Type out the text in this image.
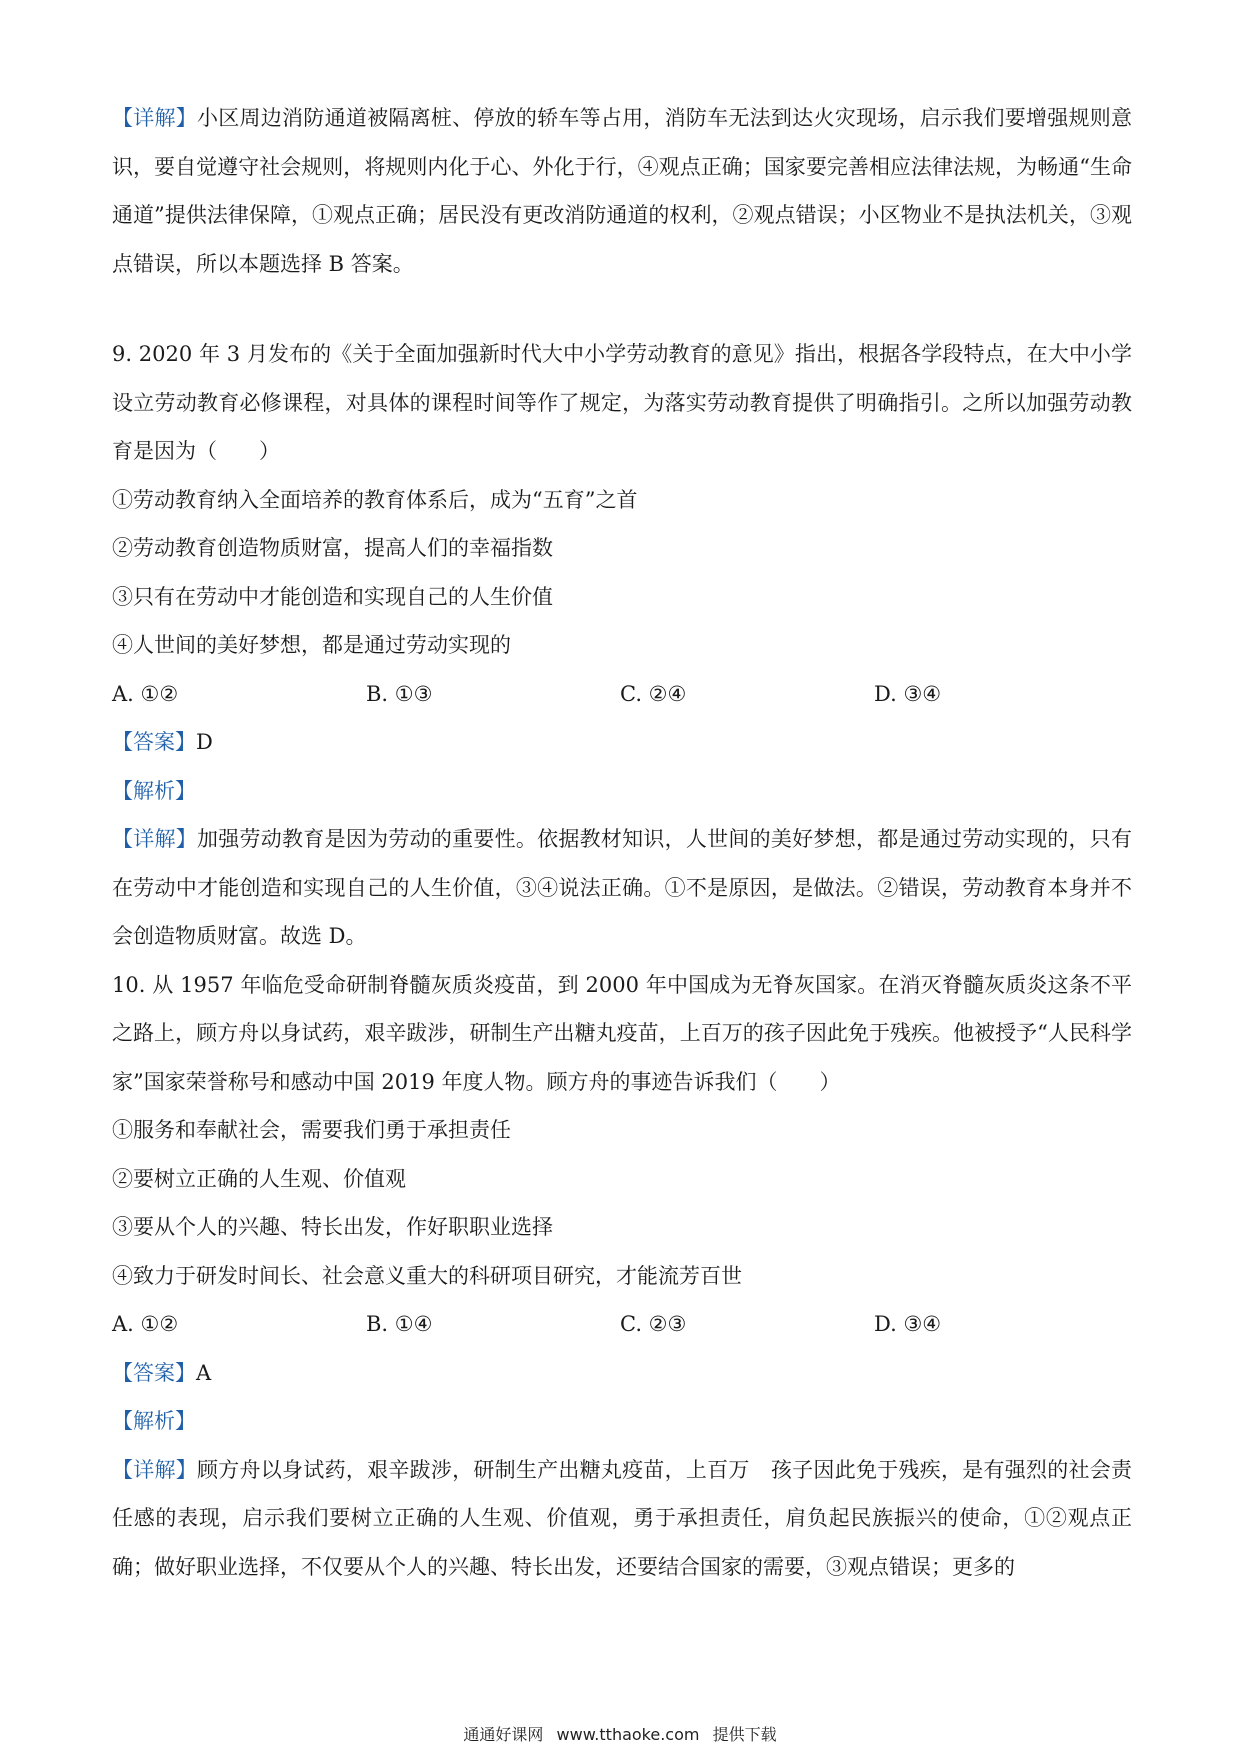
【详解】小区周边消防通道被隔离桩、停放的轿车等占用，消防车无法到达火灾现场，启示我们要增强规则意识，要自觉遵守社会规则，将规则内化于心、外化于行，④观点正确；国家要完善相应法律法规，为畅通“生命通道”提供法律保障，①观点正确；居民没有更改消防通道的权利，②观点错误；小区物业不是执法机关，③观点错误，所以本题选择 B 答案。

9. 2020 年 3 月发布的《关于全面加强新时代大中小学劳动教育的意见》指出，根据各学段特点，在大中小学设立劳动教育必修课程，对具体的课程时间等作了规定，为落实劳动教育提供了明确指引。之所以加强劳动教育是因为（　　）

①劳动教育纳入全面培养的教育体系后，成为“五育”之首

②劳动教育创造物质财富，提高人们的幸福指数

③只有在劳动中才能创造和实现自己的人生价值

④人世间的美好梦想，都是通过劳动实现的

A. ①②	B. ①③	C. ②④	D. ③④

【答案】D

【解析】

【详解】加强劳动教育是因为劳动的重要性。依据教材知识，人世间的美好梦想，都是通过劳动实现的，只有在劳动中才能创造和实现自己的人生价值，③④说法正确。①不是原因，是做法。②错误，劳动教育本身并不会创造物质财富。故选 D。

10. 从 1957 年临危受命研制脊髓灰质炎疫苗，到 2000 年中国成为无脊灰国家。在消灭脊髓灰质炎这条不平之路上，顾方舟以身试药，艰辛跋涉，研制生产出糖丸疫苗，上百万的孩子因此免于残疾。他被授予“人民科学家”国家荣誉称号和感动中国 2019 年度人物。顾方舟的事迹告诉我们（　　）

①服务和奉献社会，需要我们勇于承担责任

②要树立正确的人生观、价值观

③要从个人的兴趣、特长出发，作好职职业选择

④致力于研发时间长、社会意义重大的科研项目研究，才能流芳百世

A. ①②	B. ①④	C. ②③	D. ③④

【答案】A

【解析】

【详解】顾方舟以身试药，艰辛跋涉，研制生产出糖丸疫苗，上百万　孩子因此免于残疾，是有强烈的社会责任感的表现，启示我们要树立正确的人生观、价值观，勇于承担责任，肩负起民族振兴的使命，①②观点正确；做好职业选择，不仅要从个人的兴趣、特长出发，还要结合国家的需要，③观点错误；更多的

通通好课网 www.tthaoke.com 提供下载
